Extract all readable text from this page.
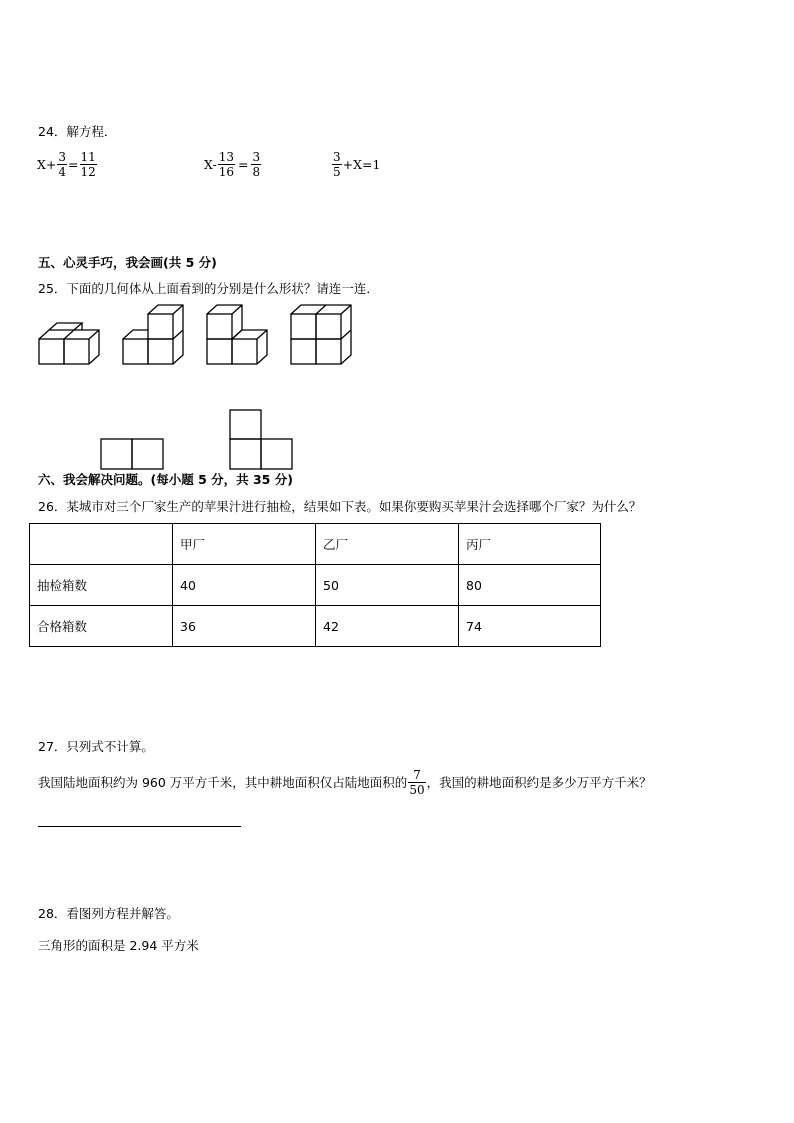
24．解方程．
$X+ \frac{3}{4} = \frac{11}{12}$	$X- \frac{13}{16} = \frac{3}{8}$	$\frac{3}{5} +X=1$
五、心灵手巧，我会画(共 5 分)
25．下面的几何体从上面看到的分别是什么形状？请连一连．
六、我会解决问题。(每小题 5 分，共 35 分)
26．某城市对三个厂家生产的苹果汁进行抽检，结果如下表。如果你要购买苹果汁会选择哪个厂家？为什么？
	甲厂	乙厂	丙厂
抽检箱数	40	50	80
合格箱数	36	42	74
27．只列式不计算。
我国陆地面积约为 960 万平方千米，其中耕地面积仅占陆地面积的 $\frac{7}{50}$ ，我国的耕地面积约是多少万平方千米？
28．看图列方程并解答。
三角形的面积是 2.94 平方米
